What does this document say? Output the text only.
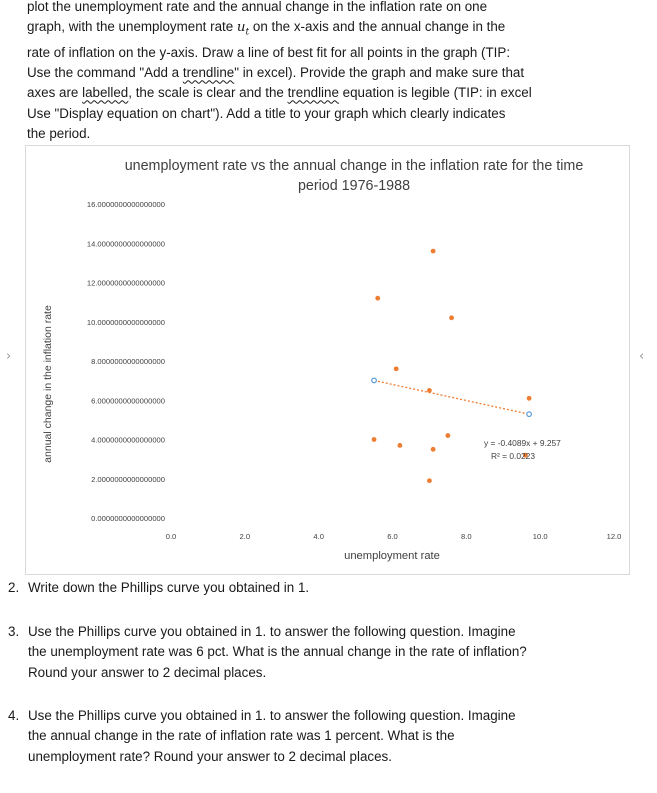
plot the unemployment rate and the annual change in the inflation rate on one

graph, with the unemployment rate $u_t$ on the x-axis and the annual change in the

rate of inflation on the y-axis. Draw a line of best fit for all points in the graph (TIP:

Use the command "Add a trendline" in excel). Provide the graph and make sure that

axes are labelled, the scale is clear and the trendline equation is legible (TIP: in excel

Use "Display equation on chart"). Add a title to your graph which clearly indicates

the period.

›	‹
unemployment rate vs the annual change in the inflation rate for the time
period 1976-1988
annual change in the inflation rate
unemployment rate
0.0000000000000000
2.0000000000000000
4.0000000000000000
6.0000000000000000
8.0000000000000000
10.0000000000000000
12.0000000000000000
14.0000000000000000
16.0000000000000000
0.0	2.0	4.0	6.0	8.0	10.0	12.0
y = -0.4089x + 9.257
R² = 0.0223
2. Write down the Phillips curve you obtained in 1.
3. Use the Phillips curve you obtained in 1. to answer the following question. Imagine
the unemployment rate was 6 pct. What is the annual change in the rate of inflation?
Round your answer to 2 decimal places.
4. Use the Phillips curve you obtained in 1. to answer the following question. Imagine
the annual change in the rate of inflation rate was 1 percent. What is the
unemployment rate? Round your answer to 2 decimal places.
